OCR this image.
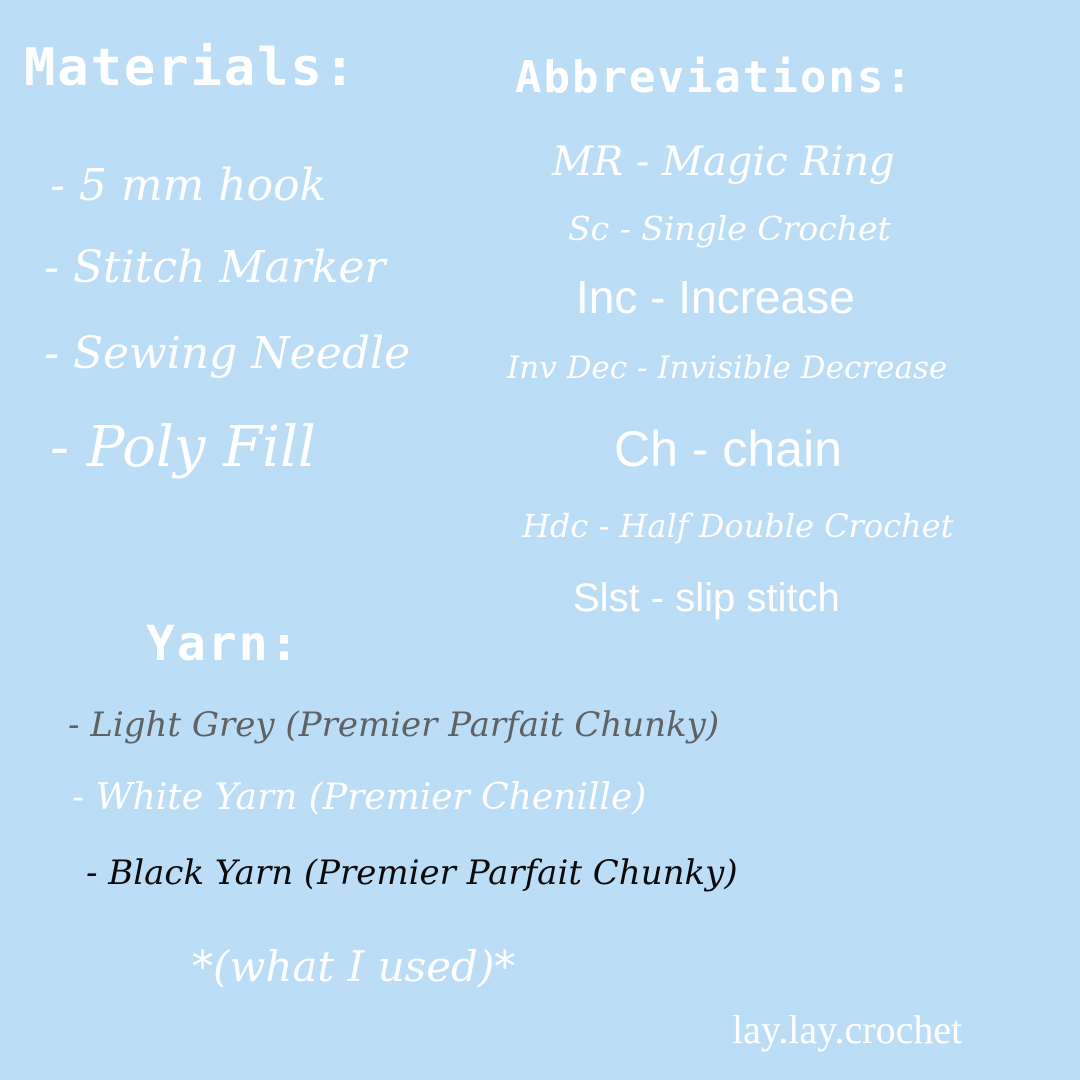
Materials:
- 5 mm hook
- Stitch Marker
- Sewing Needle
- Poly Fill
Abbreviations:
MR - Magic Ring
Sc - Single Crochet
Inc - Increase
Inv Dec - Invisible Decrease
Ch - chain
Hdc - Half Double Crochet
Slst - slip stitch
Yarn:
- Light Grey (Premier Parfait Chunky)
- White Yarn (Premier Chenille)
- Black Yarn (Premier Parfait Chunky)
*(what I used)*
lay.lay.crochet
